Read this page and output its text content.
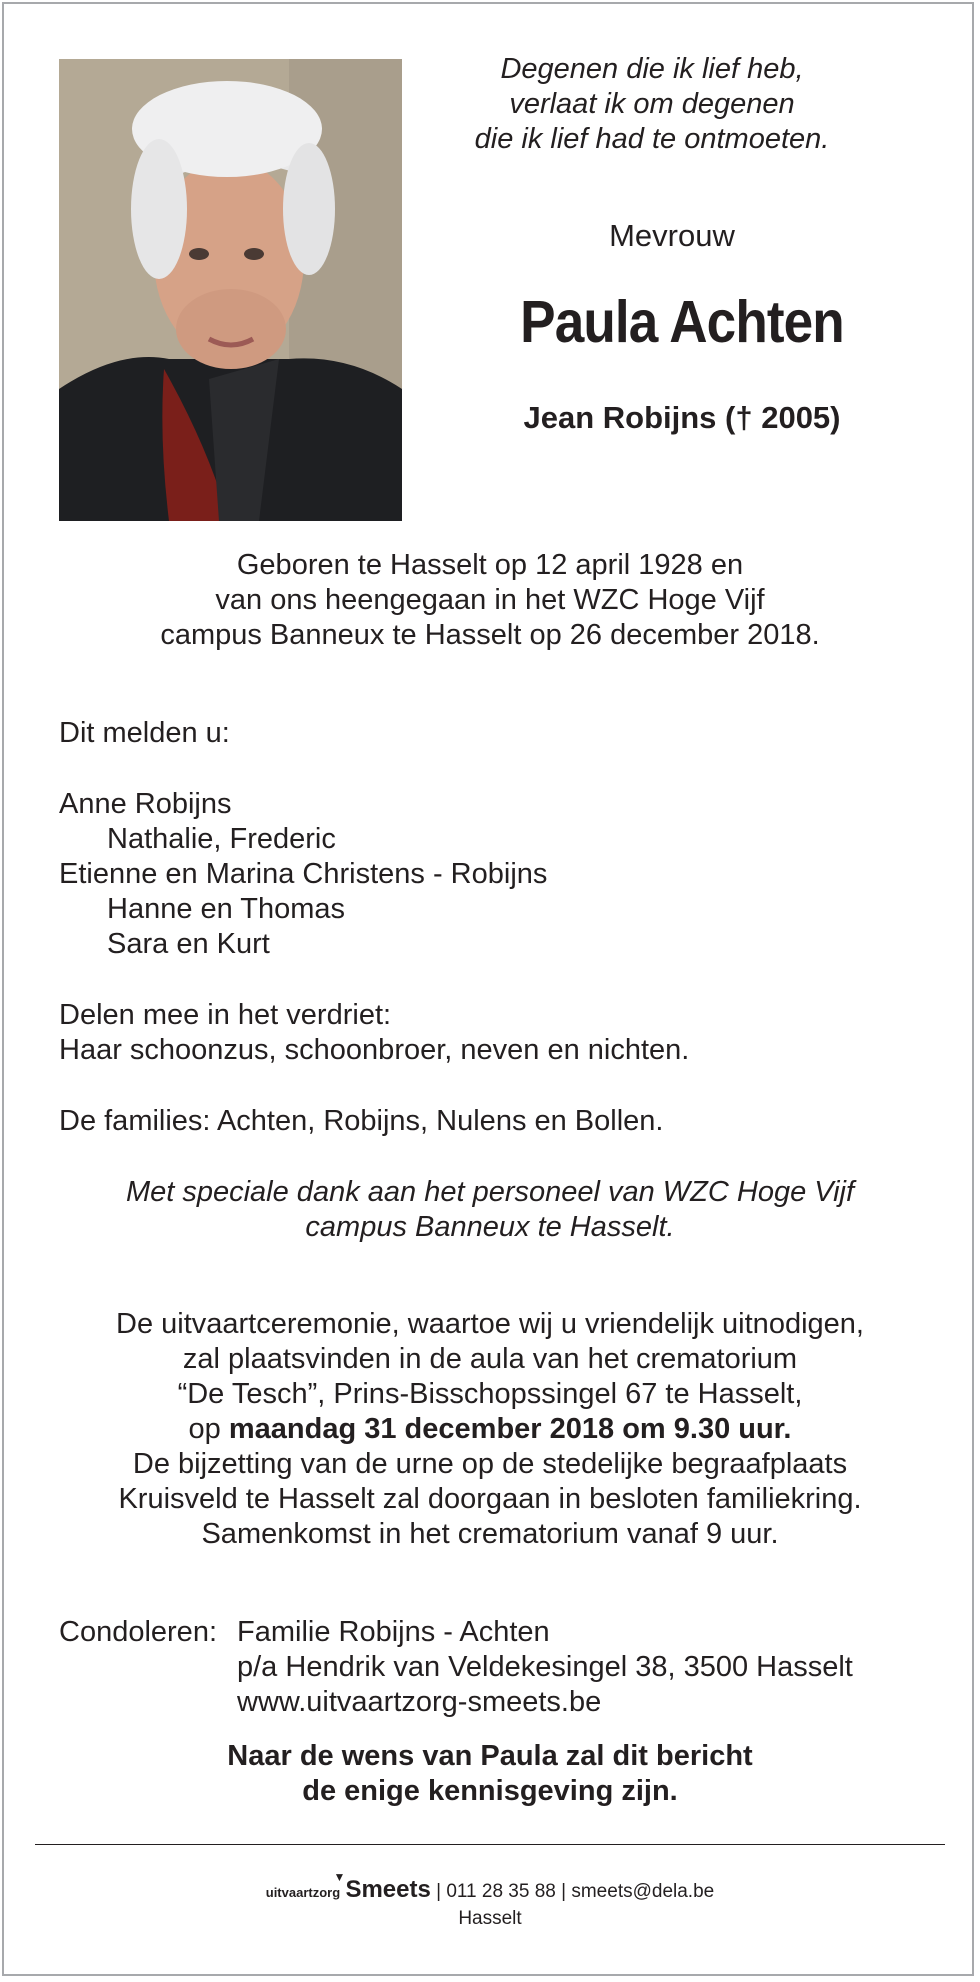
Degenen die ik lief heb,
verlaat ik om degenen
die ik lief had te ontmoeten.
Mevrouw
Paula Achten
Jean Robijns († 2005)
Geboren te Hasselt op 12 april 1928 en
van ons heengegaan in het WZC Hoge Vijf
campus Banneux te Hasselt op 26 december 2018.
Dit melden u:
Anne Robijns
Nathalie, Frederic
Etienne en Marina Christens - Robijns
Hanne en Thomas
Sara en Kurt
Delen mee in het verdriet:
Haar schoonzus, schoonbroer, neven en nichten.
De families: Achten, Robijns, Nulens en Bollen.
Met speciale dank aan het personeel van WZC Hoge Vijf
campus Banneux te Hasselt.
De uitvaartceremonie, waartoe wij u vriendelijk uitnodigen,
zal plaatsvinden in de aula van het crematorium
“De Tesch”, Prins-Bisschopssingel 67 te Hasselt,
op maandag 31 december 2018 om 9.30 uur.
De bijzetting van de urne op de stedelijke begraafplaats
Kruisveld te Hasselt zal doorgaan in besloten familiekring.
Samenkomst in het crematorium vanaf 9 uur.
Condoleren: Familie Robijns - Achten
p/a Hendrik van Veldekesingel 38, 3500 Hasselt
www.uitvaartzorg-smeets.be
Naar de wens van Paula zal dit bericht
de enige kennisgeving zijn.
uitvaartzorg
▼ Smeets | 011 28 35 88 | smeets@dela.be
Hasselt
